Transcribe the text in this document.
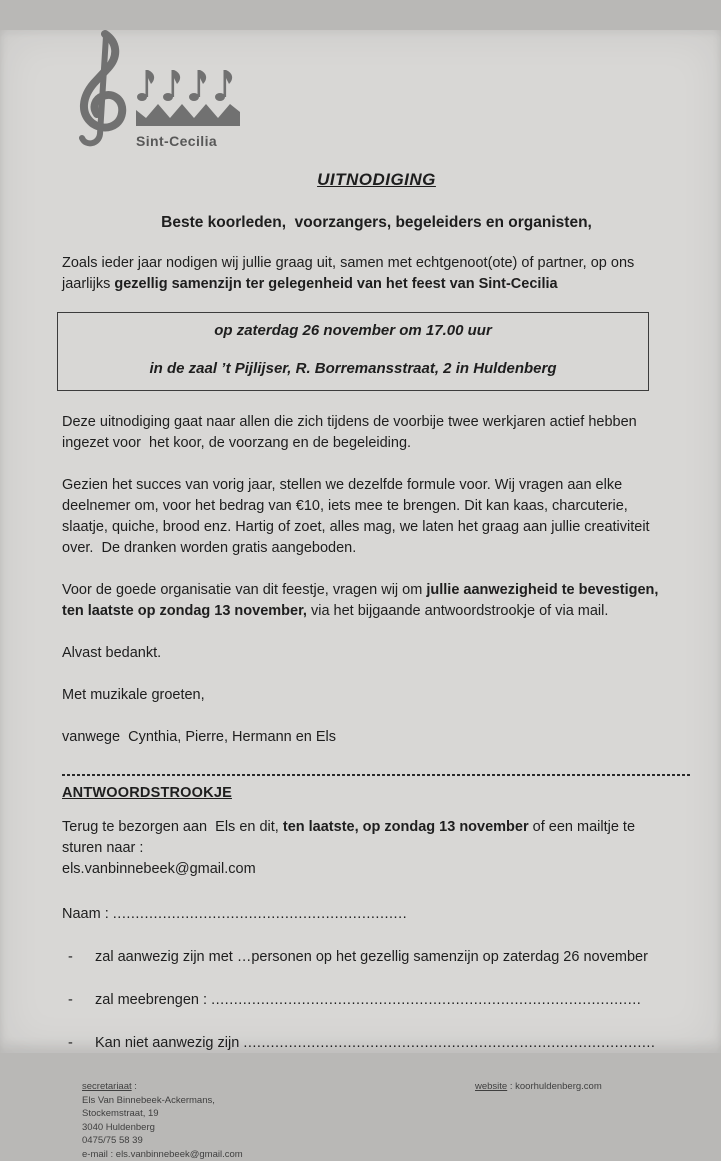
Sint-Cecilia
UITNODIGING
Beste koorleden,  voorzangers, begeleiders en organisten,

Zoals ieder jaar nodigen wij jullie graag uit, samen met echtgenoot(ote) of partner, op ons jaarlijks gezellig samenzijn ter gelegenheid van het feest van Sint-Cecilia

op zaterdag 26 november om 17.00 uur
in de zaal ’t Pijlijser, R. Borremansstraat, 2 in Huldenberg

Deze uitnodiging gaat naar allen die zich tijdens de voorbije twee werkjaren actief hebben ingezet voor  het koor, de voorzang en de begeleiding.

Gezien het succes van vorig jaar, stellen we dezelfde formule voor. Wij vragen aan elke deelnemer om, voor het bedrag van €10, iets mee te brengen. Dit kan kaas, charcuterie, slaatje, quiche, brood enz. Hartig of zoet, alles mag, we laten het graag aan jullie creativiteit over.  De dranken worden gratis aangeboden.

Voor de goede organisatie van dit feestje, vragen wij om jullie aanwezigheid te bevestigen, ten laatste op zondag 13 november, via het bijgaande antwoordstrookje of via mail.

Alvast bedankt.

Met muzikale groeten,

vanwege  Cynthia, Pierre, Hermann en Els

ANTWOORDSTROOKJE

Terug te bezorgen aan  Els en dit, ten laatste, op zondag 13 november of een mailtje te sturen naar :
els.vanbinnebeek@gmail.com

Naam : .................................................................
-	zal aanwezig zijn met …personen op het gezellig samenzijn op zaterdag 26 november
-	zal meebrengen : ...............................................................................................
-	Kan niet aanwezig zijn ...........................................................................................
secretariaat :
Els Van Binnebeek-Ackermans,
Stockemstraat, 19
3040 Huldenberg
0475/75 58 39
e-mail : els.vanbinnebeek@gmail.com
website : koorhuldenberg.com
